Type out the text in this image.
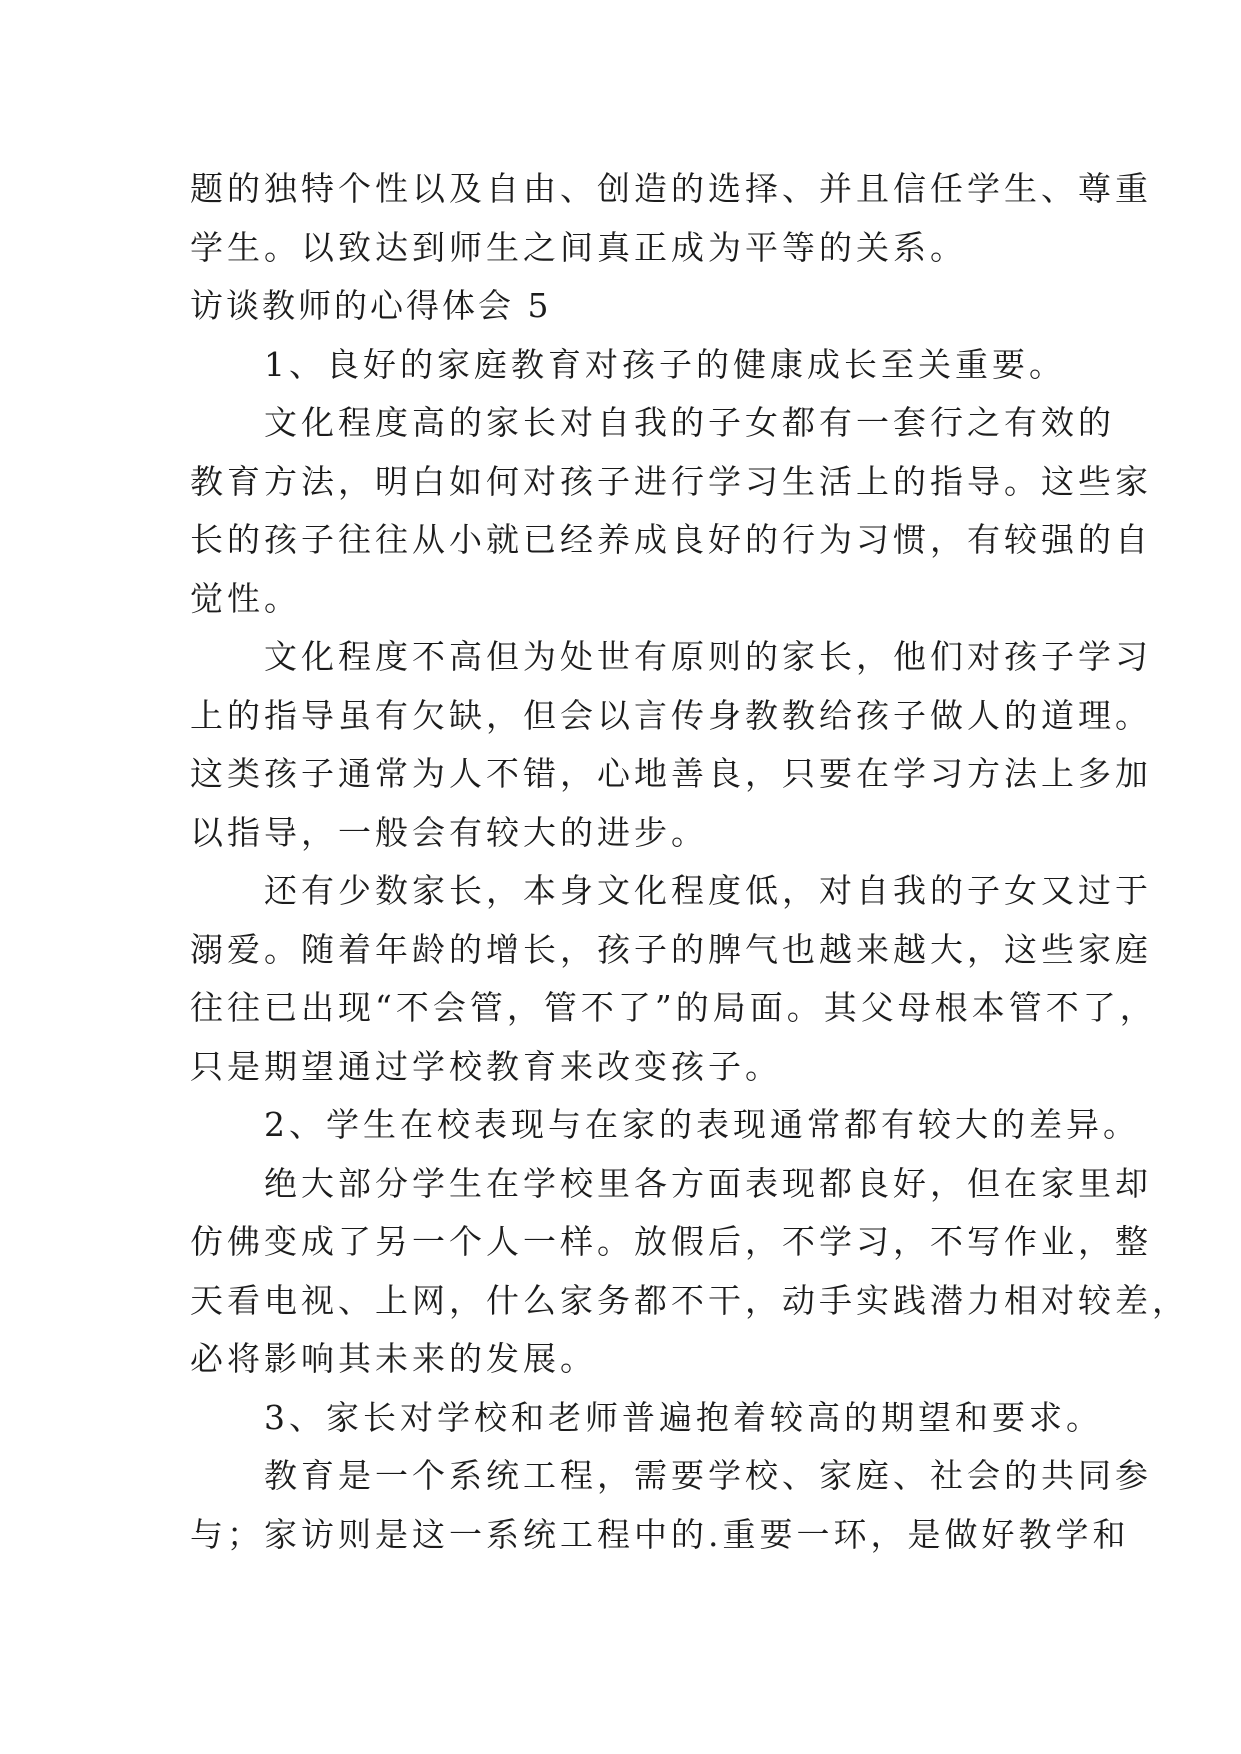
题的独特个性以及自由、创造的选择、并且信任学生、尊重
学生。以致达到师生之间真正成为平等的关系。
访谈教师的心得体会 5
　　1、良好的家庭教育对孩子的健康成长至关重要。
　　文化程度高的家长对自我的子女都有一套行之有效的
教育方法，明白如何对孩子进行学习生活上的指导。这些家
长的孩子往往从小就已经养成良好的行为习惯，有较强的自
觉性。
　　文化程度不高但为处世有原则的家长，他们对孩子学习
上的指导虽有欠缺，但会以言传身教教给孩子做人的道理。
这类孩子通常为人不错，心地善良，只要在学习方法上多加
以指导，一般会有较大的进步。
　　还有少数家长，本身文化程度低，对自我的子女又过于
溺爱。随着年龄的增长，孩子的脾气也越来越大，这些家庭
往往已出现“不会管，管不了”的局面。其父母根本管不了，
只是期望通过学校教育来改变孩子。
　　2、学生在校表现与在家的表现通常都有较大的差异。
　　绝大部分学生在学校里各方面表现都良好，但在家里却
仿佛变成了另一个人一样。放假后，不学习，不写作业，整
天看电视、上网，什么家务都不干，动手实践潜力相对较差，
必将影响其未来的发展。
　　3、家长对学校和老师普遍抱着较高的期望和要求。
　　教育是一个系统工程，需要学校、家庭、社会的共同参
与；家访则是这一系统工程中的.重要一环，是做好教学和
